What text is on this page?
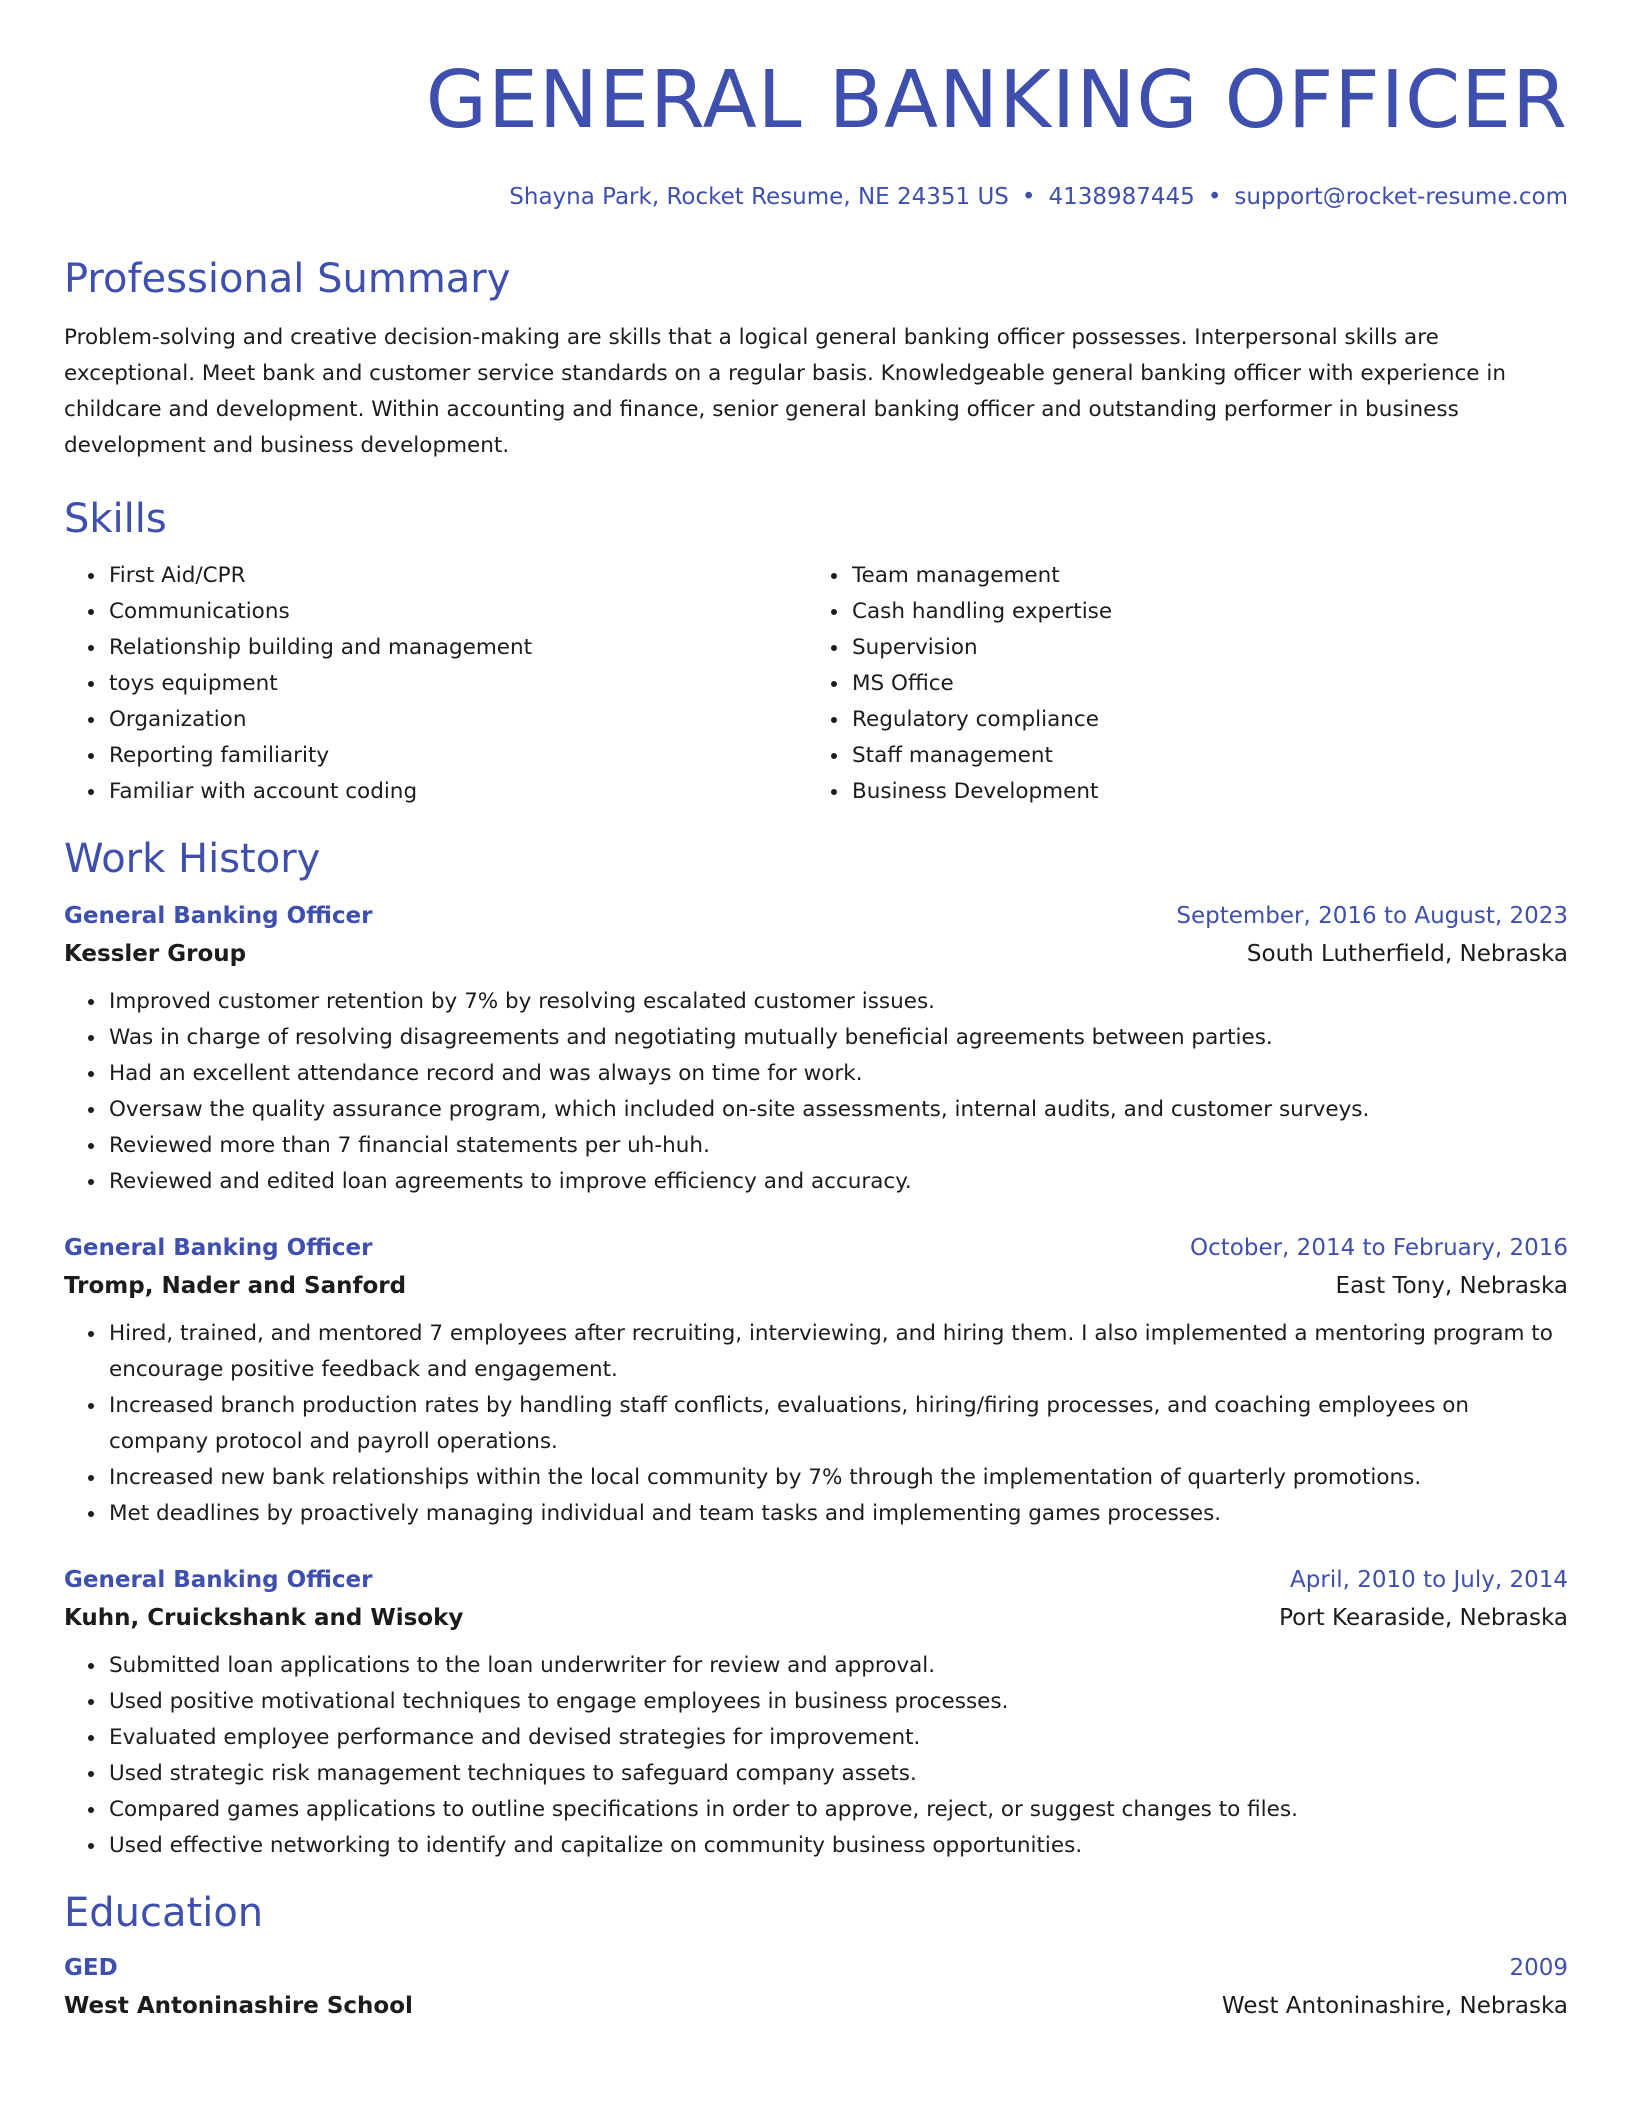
GENERAL BANKING OFFICER
Shayna Park, Rocket Resume, NE 24351 US • 4138987445 • support@rocket-resume.com
Professional Summary

Problem-solving and creative decision-making are skills that a logical general banking officer possesses. Interpersonal skills are exceptional. Meet bank and customer service standards on a regular basis. Knowledgeable general banking officer with experience in childcare and development. Within accounting and finance, senior general banking officer and outstanding performer in business development and business development.

Skills
• First Aid/CPR
• Communications
• Relationship building and management
• toys equipment
• Organization
• Reporting familiarity
• Familiar with account coding
• Team management
• Cash handling expertise
• Supervision
• MS Office
• Regulatory compliance
• Staff management
• Business Development
Work History
General Banking Officer	September, 2016 to August, 2023
Kessler Group	South Lutherfield, Nebraska
• Improved customer retention by 7% by resolving escalated customer issues.
• Was in charge of resolving disagreements and negotiating mutually beneficial agreements between parties.
• Had an excellent attendance record and was always on time for work.
• Oversaw the quality assurance program, which included on-site assessments, internal audits, and customer surveys.
• Reviewed more than 7 financial statements per uh-huh.
• Reviewed and edited loan agreements to improve efficiency and accuracy.
General Banking Officer	October, 2014 to February, 2016
Tromp, Nader and Sanford	East Tony, Nebraska
• Hired, trained, and mentored 7 employees after recruiting, interviewing, and hiring them. I also implemented a mentoring program to encourage positive feedback and engagement.
• Increased branch production rates by handling staff conflicts, evaluations, hiring/firing processes, and coaching employees on company protocol and payroll operations.
• Increased new bank relationships within the local community by 7% through the implementation of quarterly promotions.
• Met deadlines by proactively managing individual and team tasks and implementing games processes.
General Banking Officer	April, 2010 to July, 2014
Kuhn, Cruickshank and Wisoky	Port Kearaside, Nebraska
• Submitted loan applications to the loan underwriter for review and approval.
• Used positive motivational techniques to engage employees in business processes.
• Evaluated employee performance and devised strategies for improvement.
• Used strategic risk management techniques to safeguard company assets.
• Compared games applications to outline specifications in order to approve, reject, or suggest changes to files.
• Used effective networking to identify and capitalize on community business opportunities.
Education
GED	2009
West Antoninashire School	West Antoninashire, Nebraska
